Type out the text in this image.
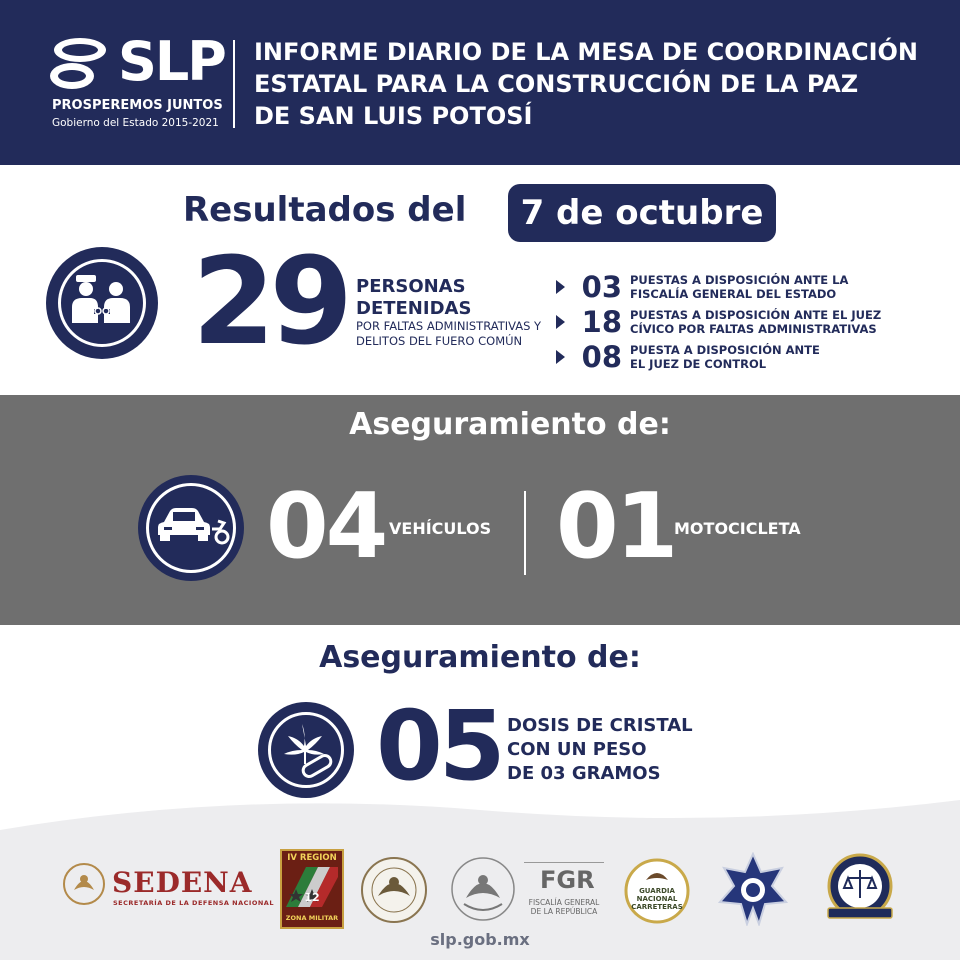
SLP
PROSPEREMOS JUNTOS
Gobierno del Estado 2015-2021
INFORME DIARIO DE LA MESA DE COORDINACIÓN
ESTATAL PARA LA CONSTRUCCIÓN DE LA PAZ
DE SAN LUIS POTOSÍ
Resultados del	7 de octubre
29 PERSONAS
DETENIDAS
POR FALTAS ADMINISTRATIVAS Y
DELITOS DEL FUERO COMÚN
03 PUESTAS A DISPOSICIÓN ANTE LA
FISCALÍA GENERAL DEL ESTADO
18 PUESTAS A DISPOSICIÓN ANTE EL JUEZ
CÍVICO POR FALTAS ADMINISTRATIVAS
08 PUESTA A DISPOSICIÓN ANTE
EL JUEZ DE CONTROL
Aseguramiento de:
04 VEHÍCULOS 01
MOTOCICLETA
Aseguramiento de:
05 DOSIS DE CRISTAL
CON UN PESO
DE 03 GRAMOS
SEDENA
SECRETARÍA DE LA DEFENSA NACIONAL
IV REGION
12
ZONA MILITAR
FGR
FISCALÍA GENERAL
DE LA REPÚBLICA
GUARDIA
NACIONAL
CARRETERAS
slp.gob.mx
